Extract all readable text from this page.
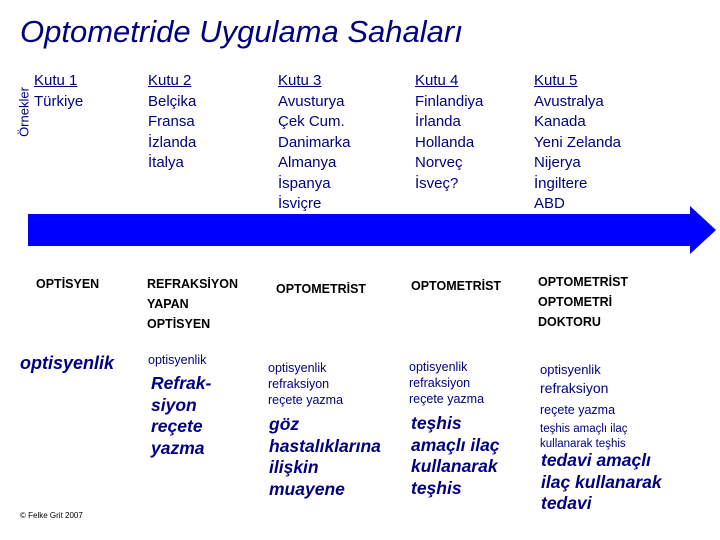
Optometride Uygulama Sahaları
Örnekler
Kutu 1
Türkiye
OPTİSYEN
optisyenlik
Kutu 2
Belçika
Fransa
İzlanda
İtalya
REFRAKSİYON
YAPAN
OPTİSYEN
optisyenlik
Refrak-
siyon
reçete
yazma
Kutu 3
Avusturya
Çek Cum.
Danimarka
Almanya
İspanya
İsviçre
OPTOMETRİST
optisyenlik
refraksiyon
reçete yazma
göz
hastalıklarına
ilişkin
muayene
Kutu 4
Finlandiya
İrlanda
Hollanda
Norveç
İsveç?
OPTOMETRİST
optisyenlik
refraksiyon
reçete yazma
teşhis
amaçlı ilaç
kullanarak
teşhis
Kutu 5
Avustralya
Kanada
Yeni Zelanda
Nijerya
İngiltere
ABD
OPTOMETRİST
OPTOMETRİ
DOKTORU
optisyenlik
refraksiyon
reçete yazma
teşhis amaçlı ilaç
kullanarak teşhis
tedavi amaçlı
ilaç kullanarak
tedavi
© Felke Grit 2007
